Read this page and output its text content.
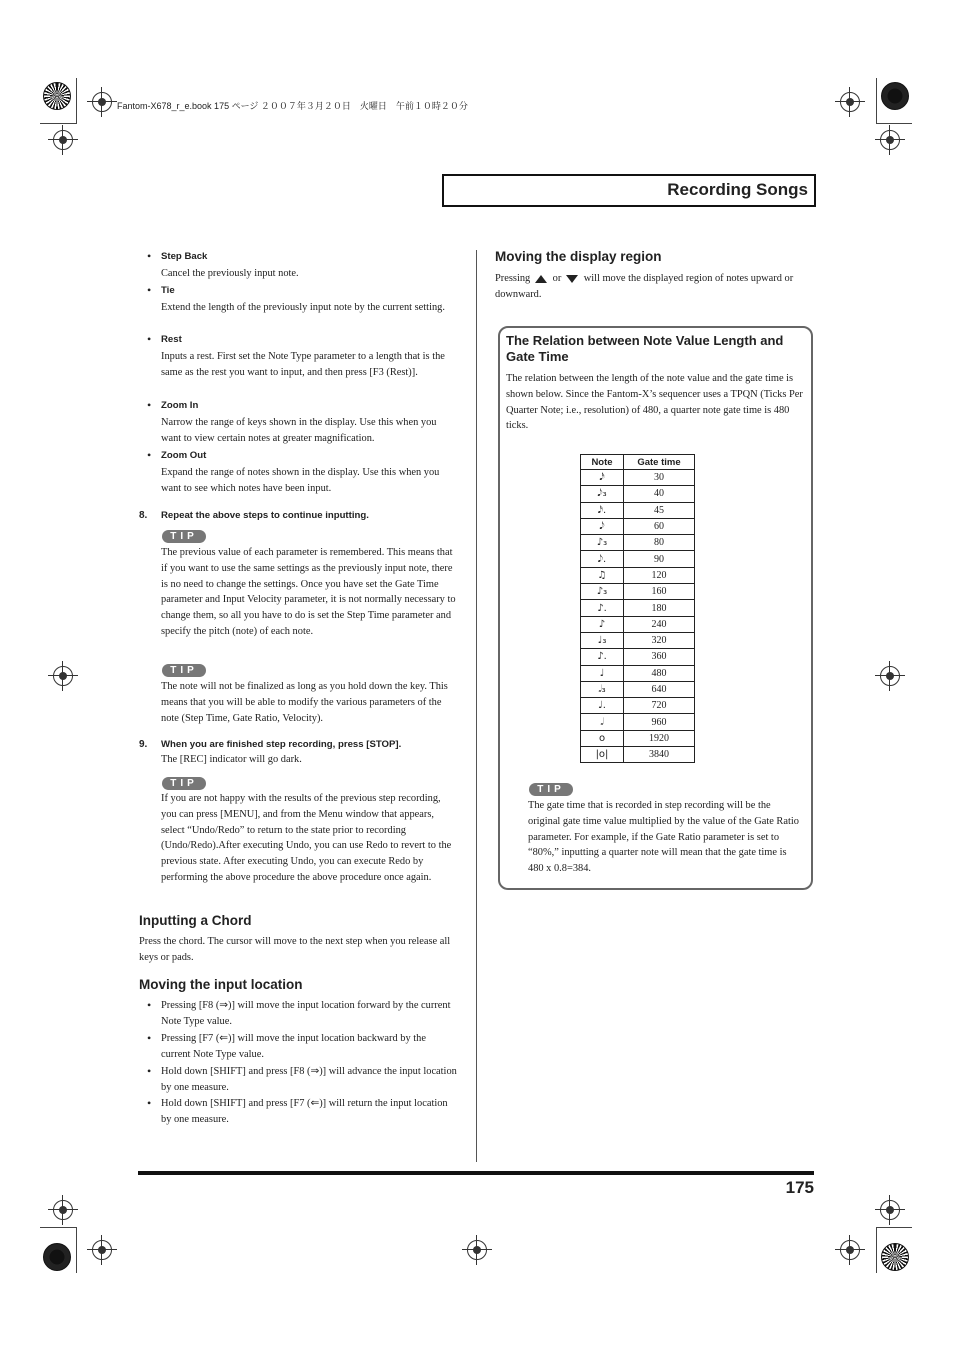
Fantom-X678_r_e.book 175 ページ ２００７年３月２０日　火曜日　午前１０時２０分
Recording Songs
• Step Back
Cancel the previously input note.
• Tie
Extend the length of the previously input note by the current setting.
• Rest
Inputs a rest. First set the Note Type parameter to a length that is the same as the rest you want to input, and then press [F3 (Rest)].
• Zoom In
Narrow the range of keys shown in the display. Use this when you want to view certain notes at greater magnification.
• Zoom Out
Expand the range of notes shown in the display. Use this when you want to see which notes have been input.
8. Repeat the above steps to continue inputting.
TIP
The previous value of each parameter is remembered. This means that if you want to use the same settings as the previously input note, there is no need to change the settings. Once you have set the Gate Time parameter and Input Velocity parameter, it is not normally necessary to change them, so all you have to do is set the Step Time parameter and specify the pitch (note) of each note.
TIP
The note will not be finalized as long as you hold down the key. This means that you will be able to modify the various parameters of the note (Step Time, Gate Ratio, Velocity).
9. When you are finished step recording, press [STOP].
The [REC] indicator will go dark.
TIP
If you are not happy with the results of the previous step recording, you can press [MENU], and from the Menu window that appears, select “Undo/Redo” to return to the state prior to recording (Undo/Redo).After executing Undo, you can use Redo to revert to the previous state. After executing Undo, you can execute Redo by performing the above procedure the above procedure once again.
Inputting a Chord
Press the chord. The cursor will move to the next step when you release all keys or pads.
Moving the input location
• Pressing [F8 (⇒)] will move the input location forward by the current Note Type value.
• Pressing [F7 (⇐)] will move the input location backward by the current Note Type value.
• Hold down [SHIFT] and press [F8 (⇒)] will advance the input location by one measure.
• Hold down [SHIFT] and press [F7 (⇐)] will return the input location by one measure.
Moving the display region
Pressing or will move the displayed region of notes upward or downward.
The Relation between Note Value Length and Gate Time
The relation between the length of the note value and the gate time is shown below. Since the Fantom-X’s sequencer uses a TPQN (Ticks Per Quarter Note; i.e., resolution) of 480, a quarter note gate time is 480 ticks.
Note	Gate time
𝅘𝅥𝅯	30
𝅘𝅥𝅮₃	40
𝅘𝅥𝅯.	45
𝅘𝅥𝅮	60
♪₃	80
𝅘𝅥𝅮.	90
♫	120
♪₃	160
♪.	180
♪	240
♩₃	320
♪.	360
♩	480
𝅗𝅥₃	640
♩.	720
𝅗𝅥	960
o	1920
|o|	3840
TIP
The gate time that is recorded in step recording will be the original gate time value multiplied by the value of the Gate Ratio parameter. For example, if the Gate Ratio parameter is set to “80%,” inputting a quarter note will mean that the gate time is 480 x 0.8=384.
175
